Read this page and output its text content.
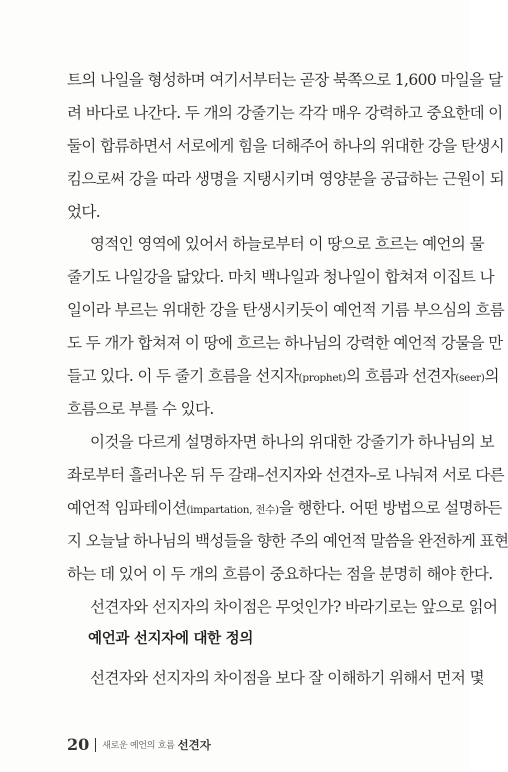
트의 나일을 형성하며 여기서부터는 곧장 북쪽으로 1,600 마일을 달
려 바다로 나간다. 두 개의 강줄기는 각각 매우 강력하고 중요한데 이
둘이 합류하면서 서로에게 힘을 더해주어 하나의 위대한 강을 탄생시
킴으로써 강을 따라 생명을 지탱시키며 영양분을 공급하는 근원이 되
었다.
영적인 영역에 있어서 하늘로부터 이 땅으로 흐르는 예언의 물
줄기도 나일강을 닮았다. 마치 백나일과 청나일이 합쳐져 이집트 나
일이라 부르는 위대한 강을 탄생시키듯이 예언적 기름 부으심의 흐름
도 두 개가 합쳐져 이 땅에 흐르는 하나님의 강력한 예언적 강물을 만
들고 있다. 이 두 줄기 흐름을 선지자(prophet)의 흐름과 선견자(seer)의
흐름으로 부를 수 있다.
이것을 다르게 설명하자면 하나의 위대한 강줄기가 하나님의 보
좌로부터 흘러나온 뒤 두 갈래–선지자와 선견자–로 나눠져 서로 다른
예언적 임파테이션(impartation, 전수)을 행한다. 어떤 방법으로 설명하든
지 오늘날 하나님의 백성들을 향한 주의 예언적 말씀을 완전하게 표현
하는 데 있어 이 두 개의 흐름이 중요하다는 점을 분명히 해야 한다.
선견자와 선지자의 차이점은 무엇인가? 바라기로는 앞으로 읽어
예언과 선지자에 대한 정의
선견자와 선지자의 차이점을 보다 잘 이해하기 위해서 먼저 몇
20 새로운 예언의 흐름 선견자
